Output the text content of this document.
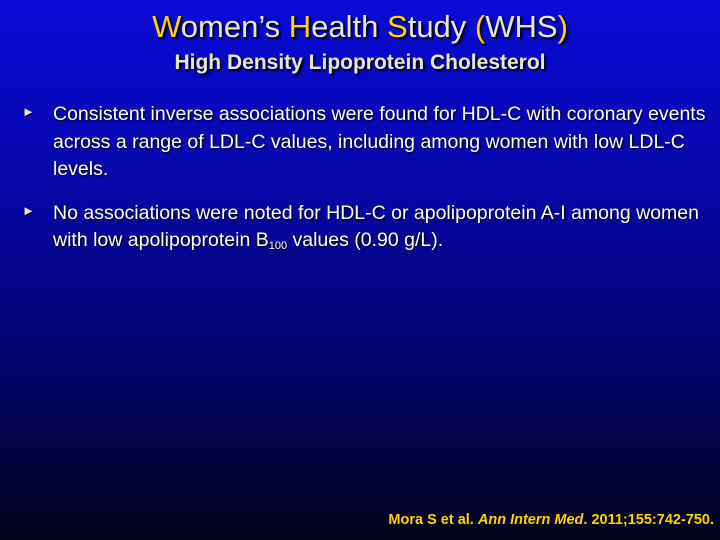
Women’s Health Study (WHS)
High Density Lipoprotein Cholesterol
► Consistent inverse associations were found for HDL-C with coronary events across a range of LDL-C values, including among women with low LDL-C levels.
► No associations were noted for HDL-C or apolipoprotein A-I among women with low apolipoprotein $B_{100}$ values (0.90 g/L).
Mora S et al. Ann Intern Med. 2011;155:742-750.
